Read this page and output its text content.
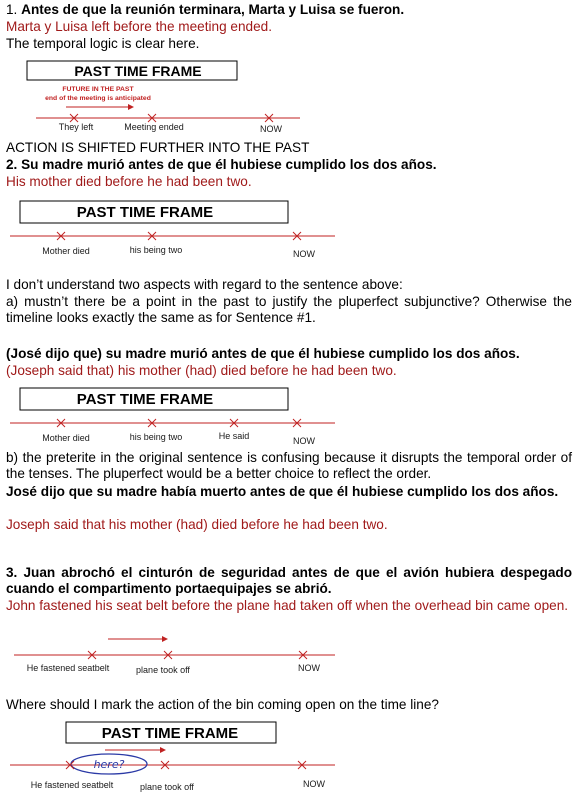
1. Antes de que la reunión terminara, Marta y Luisa se fueron.

Marta y Luisa left before the meeting ended.

The temporal logic is clear here.

PAST TIME FRAME
FUTURE IN THE PAST
end of the meeting is anticipated
They left	Meeting ended	NOW

ACTION IS SHIFTED FURTHER INTO THE PAST

2. Su madre murió antes de que él hubiese cumplido los dos años.

His mother died before he had been two.

PAST TIME FRAME
Mother died	his being two	NOW

I don’t understand two aspects with regard to the sentence above:

a) mustn’t there be a point in the past to justify the pluperfect subjunctive? Otherwise the timeline looks exactly the same as for Sentence #1.

(José dijo que) su madre murió antes de que él hubiese cumplido los dos años.

(Joseph said that) his mother (had) died before he had been two.

PAST TIME FRAME
Mother died	his being two	He said	NOW

b) the preterite in the original sentence is confusing because it disrupts the temporal order of the tenses. The pluperfect would be a better choice to reflect the order.

José dijo que su madre había muerto antes de que él hubiese cumplido los dos años.

Joseph said that his mother (had) died before he had been two.

3. Juan abrochó el cinturón de seguridad antes de que el avión hubiera despegado cuando el compartimento portaequipajes se abrió.

John fastened his seat belt before the plane had taken off when the overhead bin came open.

He fastened seatbelt	plane took off	NOW

Where should I mark the action of the bin coming open on the time line?

PAST TIME FRAME
here?
He fastened seatbelt	plane took off	NOW
